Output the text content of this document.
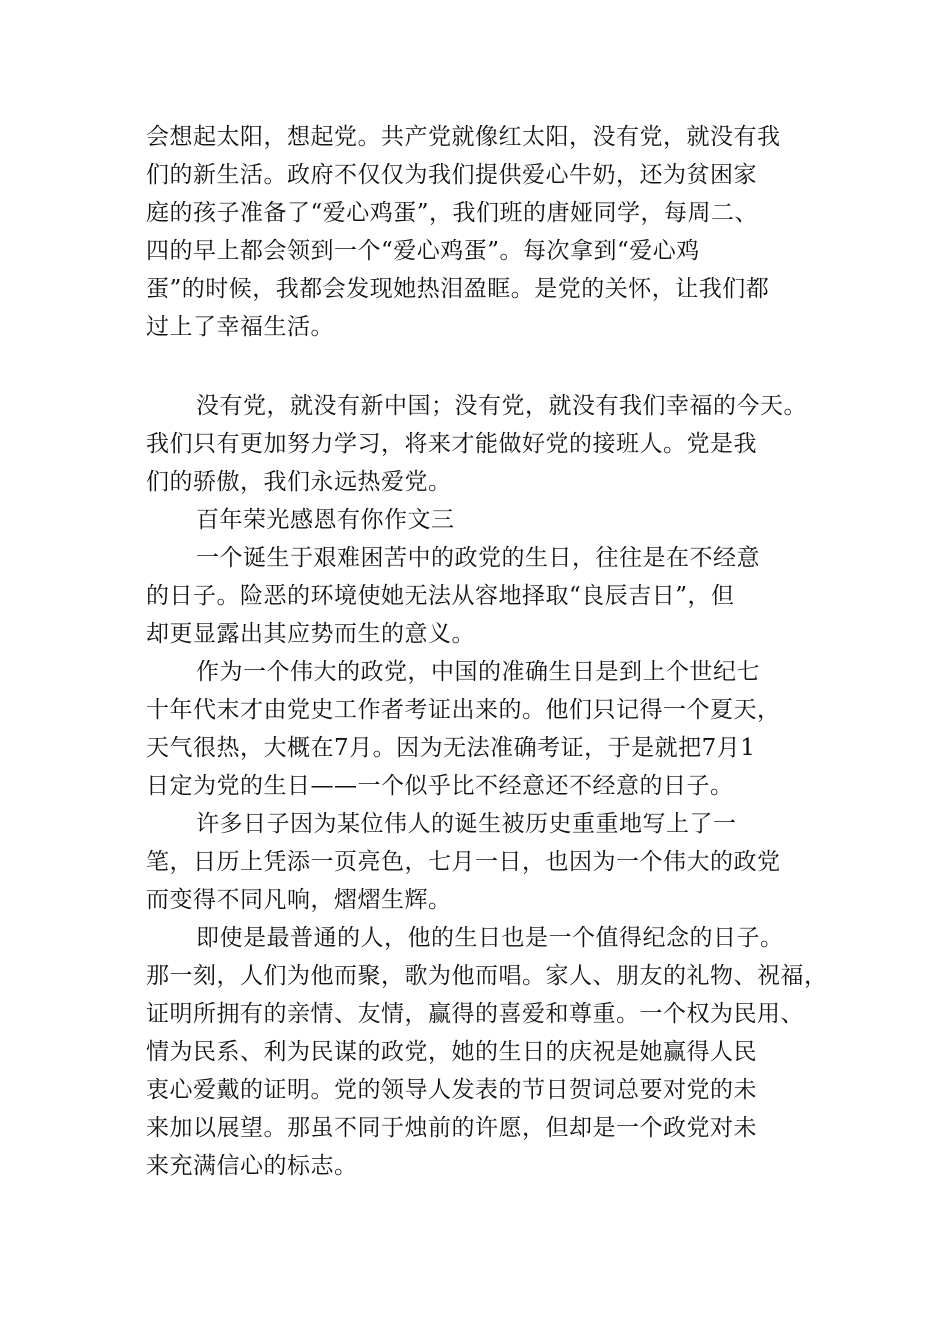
会想起太阳，想起党。共产党就像红太阳，没有党，就没有我
们的新生活。政府不仅仅为我们提供爱心牛奶，还为贫困家
庭的孩子准备了“爱心鸡蛋”，我们班的唐娅同学，每周二、
四的早上都会领到一个“爱心鸡蛋”。每次拿到“爱心鸡
蛋”的时候，我都会发现她热泪盈眶。是党的关怀，让我们都
过上了幸福生活。
没有党，就没有新中国；没有党，就没有我们幸福的今天。
我们只有更加努力学习，将来才能做好党的接班人。党是我
们的骄傲，我们永远热爱党。
百年荣光感恩有你作文三
一个诞生于艰难困苦中的政党的生日，往往是在不经意
的日子。险恶的环境使她无法从容地择取“良辰吉日”，但
却更显露出其应势而生的意义。
作为一个伟大的政党，中国的准确生日是到上个世纪七
十年代末才由党史工作者考证出来的。他们只记得一个夏天，
天气很热，大概在7月。因为无法准确考证，于是就把7月1
日定为党的生日——一个似乎比不经意还不经意的日子。
许多日子因为某位伟人的诞生被历史重重地写上了一
笔，日历上凭添一页亮色，七月一日，也因为一个伟大的政党
而变得不同凡响，熠熠生辉。
即使是最普通的人，他的生日也是一个值得纪念的日子。
那一刻，人们为他而聚，歌为他而唱。家人、朋友的礼物、祝福，
证明所拥有的亲情、友情，赢得的喜爱和尊重。一个权为民用、
情为民系、利为民谋的政党，她的生日的庆祝是她赢得人民
衷心爱戴的证明。党的领导人发表的节日贺词总要对党的未
来加以展望。那虽不同于烛前的许愿，但却是一个政党对未
来充满信心的标志。
